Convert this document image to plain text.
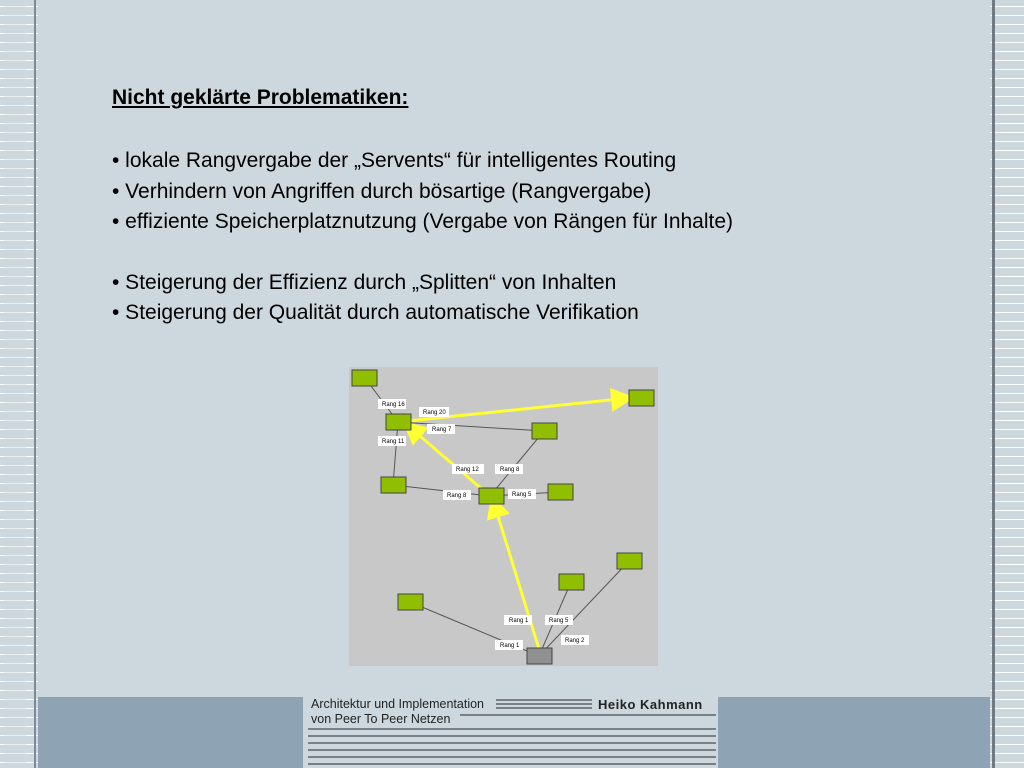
Nicht geklärte Problematiken:
• lokale Rangvergabe der „Servents“ für intelligentes Routing
• Verhindern von Angriffen durch bösartige (Rangvergabe)
• effiziente Speicherplatznutzung (Vergabe von Rängen für Inhalte)
• Steigerung der Effizienz durch „Splitten“ von Inhalten
• Steigerung der Qualität durch automatische Verifikation
Rang 16
Rang 20
Rang 7
Rang 11
Rang 12	Rang 8
Rang 8	Rang 5
Rang 1	Rang 5
Rang 2
Rang 1
Architektur und Implementation
von Peer To Peer Netzen
Heiko Kahmann
